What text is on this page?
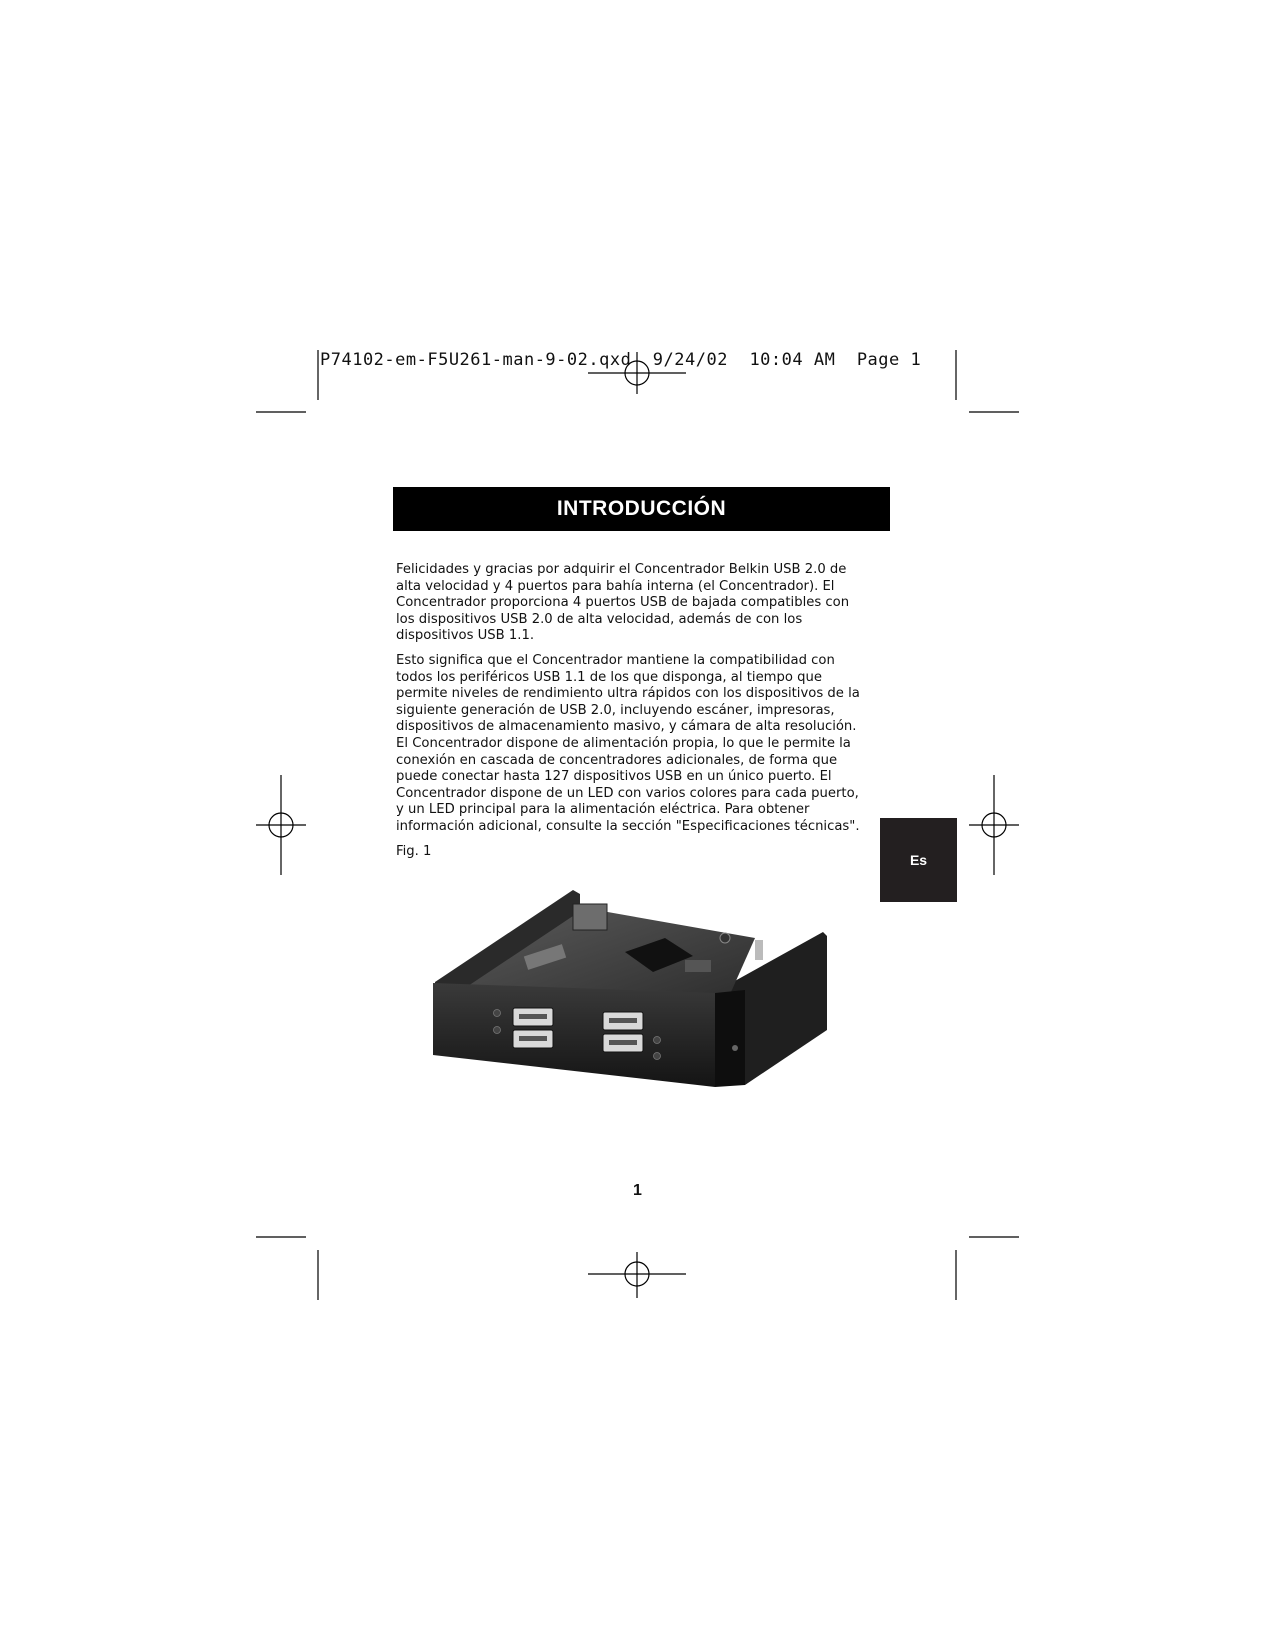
P74102-em-F5U261-man-9-02.qxd 9/24/02 10:04 AM Page 1
INTRODUCCIÓN

Felicidades y gracias por adquirir el Concentrador Belkin USB 2.0 de alta velocidad y 4 puertos para bahía interna (el Concentrador). El Concentrador proporciona 4 puertos USB de bajada compatibles con los dispositivos USB 2.0 de alta velocidad, además de con los dispositivos USB 1.1.

Esto significa que el Concentrador mantiene la compatibilidad con todos los periféricos USB 1.1 de los que disponga, al tiempo que permite niveles de rendimiento ultra rápidos con los dispositivos de la siguiente generación de USB 2.0, incluyendo escáner, impresoras, dispositivos de almacenamiento masivo, y cámara de alta resolución. El Concentrador dispone de alimentación propia, lo que le permite la conexión en cascada de concentradores adicionales, de forma que puede conectar hasta 127 dispositivos USB en un único puerto. El Concentrador dispone de un LED con varios colores para cada puerto, y un LED principal para la alimentación eléctrica. Para obtener información adicional, consulte la sección "Especificaciones técnicas".

Fig. 1
Es
1
